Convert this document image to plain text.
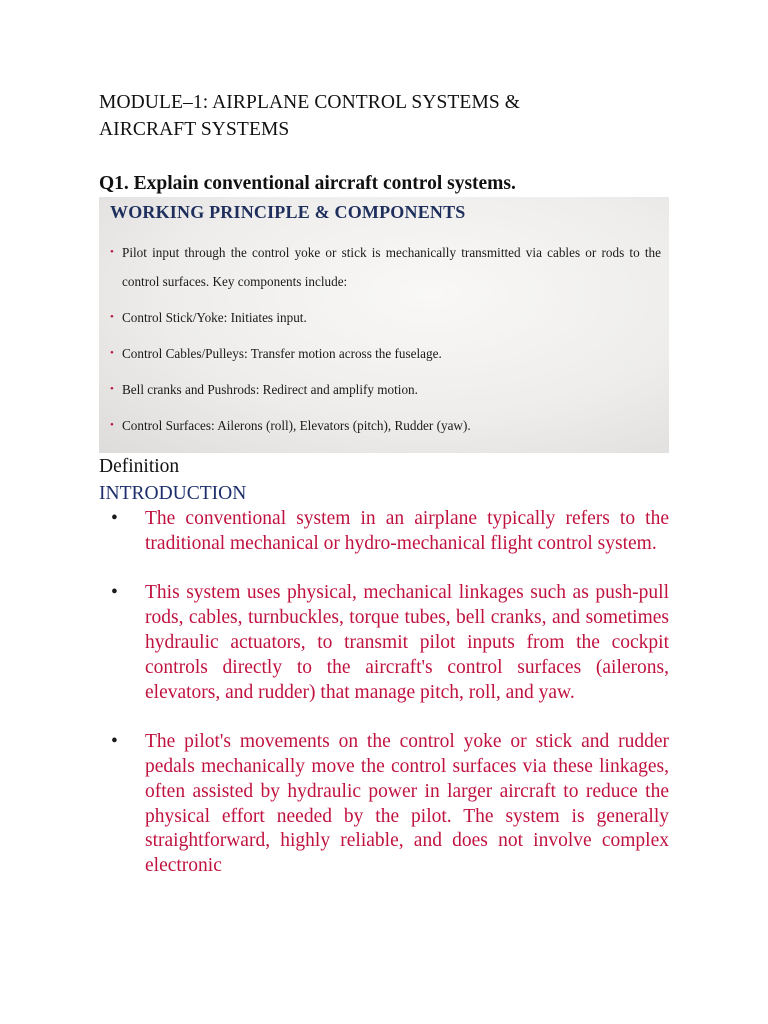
MODULE–1: AIRPLANE CONTROL SYSTEMS &
AIRCRAFT SYSTEMS
Q1. Explain conventional aircraft control systems.
WORKING PRINCIPLE & COMPONENTS
• Pilot input through the control yoke or stick is mechanically transmitted via cables or rods to the control surfaces. Key components include:
• Control Stick/Yoke: Initiates input.
• Control Cables/Pulleys: Transfer motion across the fuselage.
• Bell cranks and Pushrods: Redirect and amplify motion.
• Control Surfaces: Ailerons (roll), Elevators (pitch), Rudder (yaw).
Definition
INTRODUCTION
• The conventional system in an airplane typically refers to the traditional mechanical or hydro-mechanical flight control system.
• This system uses physical, mechanical linkages such as push-pull rods, cables, turnbuckles, torque tubes, bell cranks, and sometimes hydraulic actuators, to transmit pilot inputs from the cockpit controls directly to the aircraft's control surfaces (ailerons, elevators, and rudder) that manage pitch, roll, and yaw.
• The pilot's movements on the control yoke or stick and rudder pedals mechanically move the control surfaces via these linkages, often assisted by hydraulic power in larger aircraft to reduce the physical effort needed by the pilot. The system is generally straightforward, highly reliable, and does not involve complex electronic
